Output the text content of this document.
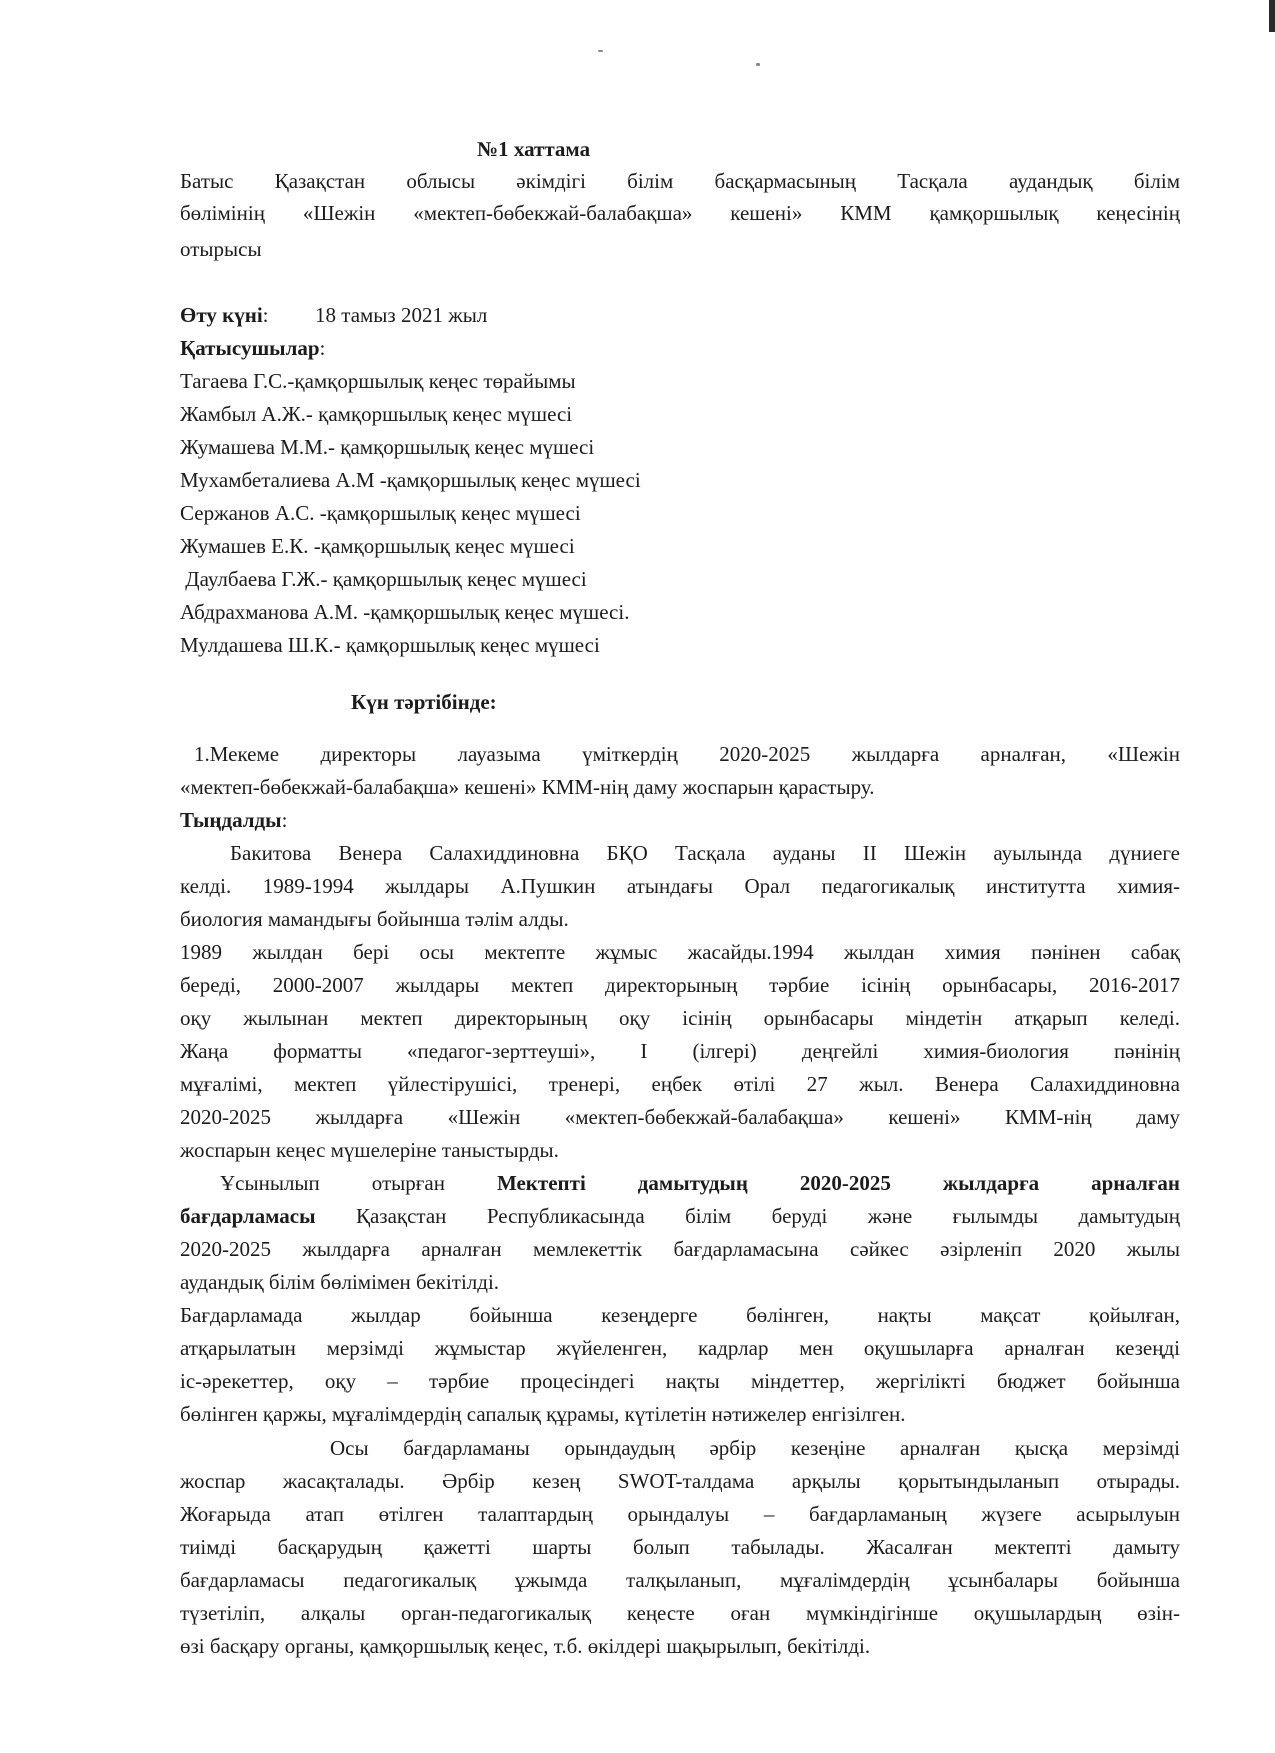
№1 хаттама
Батыс Қазақстан облысы әкімдігі білім басқармасының Тасқала аудандық білім
бөлімінің «Шежін «мектеп-бөбекжай-балабақша» кешені» КММ қамқоршылық кеңесінің
отырысы
Өту күні: 18 тамыз 2021 жыл
Қатысушылар:
Тагаева Г.С.-қамқоршылық кеңес төрайымы
Жамбыл А.Ж.- қамқоршылық кеңес мүшесі
Жумашева М.М.- қамқоршылық кеңес мүшесі
Мухамбеталиева А.М -қамқоршылық кеңес мүшесі
Сержанов А.С. -қамқоршылық кеңес мүшесі
Жумашев Е.К. -қамқоршылық кеңес мүшесі
Даулбаева Г.Ж.- қамқоршылық кеңес мүшесі
Абдрахманова А.М. -қамқоршылық кеңес мүшесі.
Мулдашева Ш.К.- қамқоршылық кеңес мүшесі
Күн тәртібінде:
1.Мекеме директоры лауазыма үміткердің 2020-2025 жылдарға арналған, «Шежін
«мектеп-бөбекжай-балабақша» кешені» КММ-нің даму жоспарын қарастыру.
Тыңдалды:
Бакитова Венера Салахиддиновна БҚО Тасқала ауданы II Шежін ауылында дүниеге
келді. 1989-1994 жылдары А.Пушкин атындағы Орал педагогикалық институтта химия-
биология мамандығы бойынша тәлім алды.
1989 жылдан бері осы мектепте жұмыс жасайды.1994 жылдан химия пәнінен сабақ
береді, 2000-2007 жылдары мектеп директорының тәрбие ісінің орынбасары, 2016-2017
оқу жылынан мектеп директорының оқу ісінің орынбасары міндетін атқарып келеді.
Жаңа форматты «педагог-зерттеуші», I (ілгері) деңгейлі химия-биология пәнінің
мұғалімі, мектеп үйлестірушісі, тренері, еңбек өтілі 27 жыл. Венера Салахиддиновна
2020-2025 жылдарға «Шежін «мектеп-бөбекжай-балабақша» кешені» КММ-нің даму
жоспарын кеңес мүшелеріне таныстырды.
Ұсынылып отырған Мектепті дамытудың 2020-2025 жылдарға арналған
бағдарламасы Қазақстан Республикасында білім беруді және ғылымды дамытудың
2020-2025 жылдарға арналған мемлекеттік бағдарламасына сәйкес әзірленіп 2020 жылы
аудандық білім бөлімімен бекітілді.
Бағдарламада жылдар бойынша кезеңдерге бөлінген, нақты мақсат қойылған,
атқарылатын мерзімді жұмыстар жүйеленген, кадрлар мен оқушыларға арналған кезеңді
іс-әрекеттер, оқу – тәрбие процесіндегі нақты міндеттер, жергілікті бюджет бойынша
бөлінген қаржы, мұғалімдердің сапалық құрамы, күтілетін нәтижелер енгізілген.
Осы бағдарламаны орындаудың әрбір кезеңіне арналған қысқа мерзімді
жоспар жасақталады. Әрбір кезең SWOT-талдама арқылы қорытындыланып отырады.
Жоғарыда атап өтілген талаптардың орындалуы – бағдарламаның жүзеге асырылуын
тиімді басқарудың қажетті шарты болып табылады. Жасалған мектепті дамыту
бағдарламасы педагогикалық ұжымда талқыланып, мұғалімдердің ұсынбалары бойынша
түзетіліп, алқалы орган-педагогикалық кеңесте оған мүмкіндігінше оқушылардың өзін-
өзі басқару органы, қамқоршылық кеңес, т.б. өкілдері шақырылып, бекітілді.
